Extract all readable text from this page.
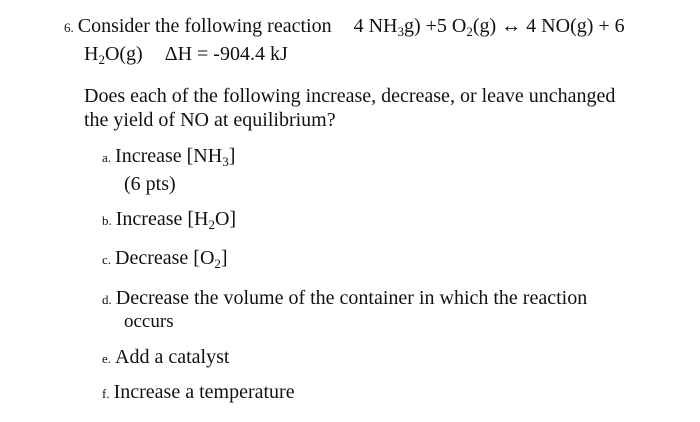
6. Consider the following reaction 4 $NH_3g) +5$ $O_2(g)$ ↔ 4 NO(g) + 6
$H_2O(g) \Delta H = -904.4$ kJ
Does each of the following increase, decrease, or leave unchanged
the yield of NO at equilibrium?
a. Increase $[NH_3]$
(6 pts)
b. Increase $[H_2O]$
c. Decrease $[O_2]$
d. Decrease the volume of the container in which the reaction
occurs
e. Add a catalyst
f. Increase a temperature
